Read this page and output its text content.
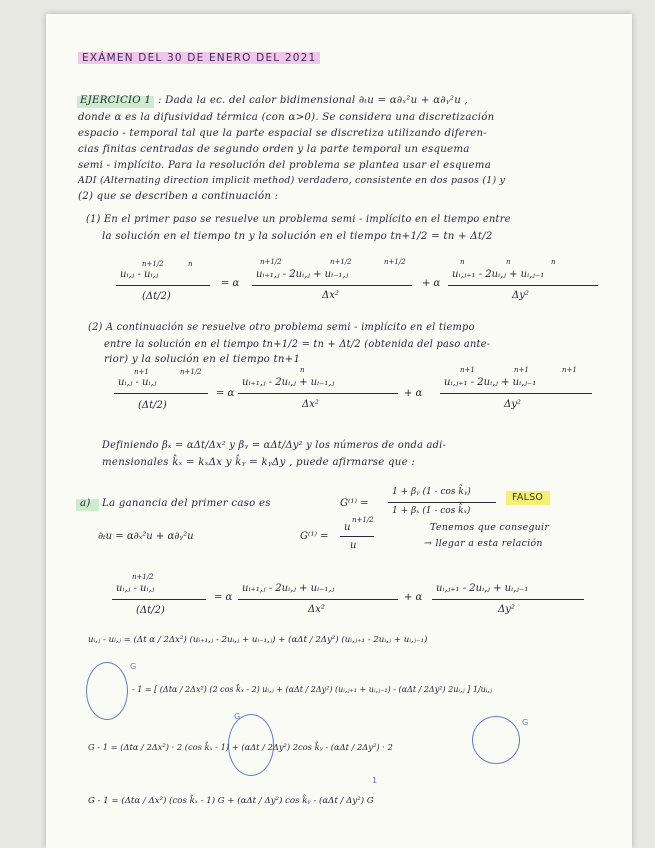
EXÁMEN DEL 30 DE ENERO DEL 2021
EJERCICIO 1 : Dada la ec. del calor bidimensional ∂ₜu = α∂ₓ²u + α∂ᵧ²u ,
donde α es la difusividad térmica (con α>0). Se considera una discretización
espacio - temporal tal que la parte espacial se discretiza utilizando diferen-
cias finitas centradas de segundo orden y la parte temporal un esquema
semi - implícito. Para la resolución del problema se plantea usar el esquema
ADI (Alternating direction implicit method) verdadero, consistente en dos pasos (1) y
(2) que se describen a continuación :
(1) En el primer paso se resuelve un problema semi - implícito en el tiempo entre
la solución en el tiempo tn y la solución en el tiempo tn+1/2 = tn + Δt/2
n+1/2	n
uᵢ,ⱼ - uᵢ,ⱼ
(Δt/2)
= α
n+1/2	n+1/2	n+1/2
uᵢ₊₁,ⱼ - 2uᵢ,ⱼ + uᵢ₋₁,ⱼ
Δx²
+ α
n	n	n
uᵢ,ⱼ₊₁ - 2uᵢ,ⱼ + uᵢ,ⱼ₋₁
Δy²
(2) A continuación se resuelve otro problema semi - implícito en el tiempo
entre la solución en el tiempo tn+1/2 = tn + Δt/2 (obtenida del paso ante-
rior) y la solución en el tiempo tn+1
n+1	n+1/2
uᵢ,ⱼ - uᵢ,ⱼ
(Δt/2)
= α
n
uᵢ₊₁,ⱼ - 2uᵢ,ⱼ + uᵢ₋₁,ⱼ
Δx²
+ α
n+1	n+1	n+1
uᵢ,ⱼ₊₁ - 2uᵢ,ⱼ + uᵢ,ⱼ₋₁
Δy²
Definiendo βₓ = αΔt/Δx² y βᵧ = αΔt/Δy² y los números de onda adi-
mensionales k̂ₓ = kₓΔx y k̂ᵧ = kᵧΔy , puede afirmarse que :
a) La ganancia del primer caso es	G⁽¹⁾ =
1 + βᵧ (1 - cos k̂ᵧ)
1 + βₓ (1 - cos k̂ₓ)
FALSO
∂ₜu = α∂ₓ²u + α∂ᵧ²u	G⁽¹⁾ =
n+1/2
u
u
Tenemos que conseguir
→ llegar a esta relación
n+1/2
uᵢ,ⱼ - uᵢ,ⱼ
(Δt/2)
= α
uᵢ₊₁,ⱼ - 2uᵢ,ⱼ + uᵢ₋₁,ⱼ
Δx²
+ α
uᵢ,ⱼ₊₁ - 2uᵢ,ⱼ + uᵢ,ⱼ₋₁
Δy²
uᵢ,ⱼ - uᵢ,ⱼ = (Δt α / 2Δx²) (uᵢ₊₁,ⱼ - 2uᵢ,ⱼ + uᵢ₋₁,ⱼ) + (αΔt / 2Δy²) (uᵢ,ⱼ₊₁ - 2uᵢ,ⱼ + uᵢ,ⱼ₋₁)
G
- 1 = [ (Δtα / 2Δx²) (2 cos k̂ₓ - 2) uᵢ,ⱼ + (αΔt / 2Δy²) (uᵢ,ⱼ₊₁ + uᵢ,ⱼ₋₁) - (αΔt / 2Δy²) 2uᵢ,ⱼ ] 1/uᵢ,ⱼ
G
G
G - 1 = (Δtα / 2Δx²) · 2 (cos k̂ₓ - 1) + (αΔt / 2Δy²) 2cos k̂ᵧ - (αΔt / 2Δy²) · 2
1
G - 1 = (Δtα / Δx²) (cos k̂ₓ - 1) G + (αΔt / Δy²) cos k̂ᵧ - (αΔt / Δy²) G
